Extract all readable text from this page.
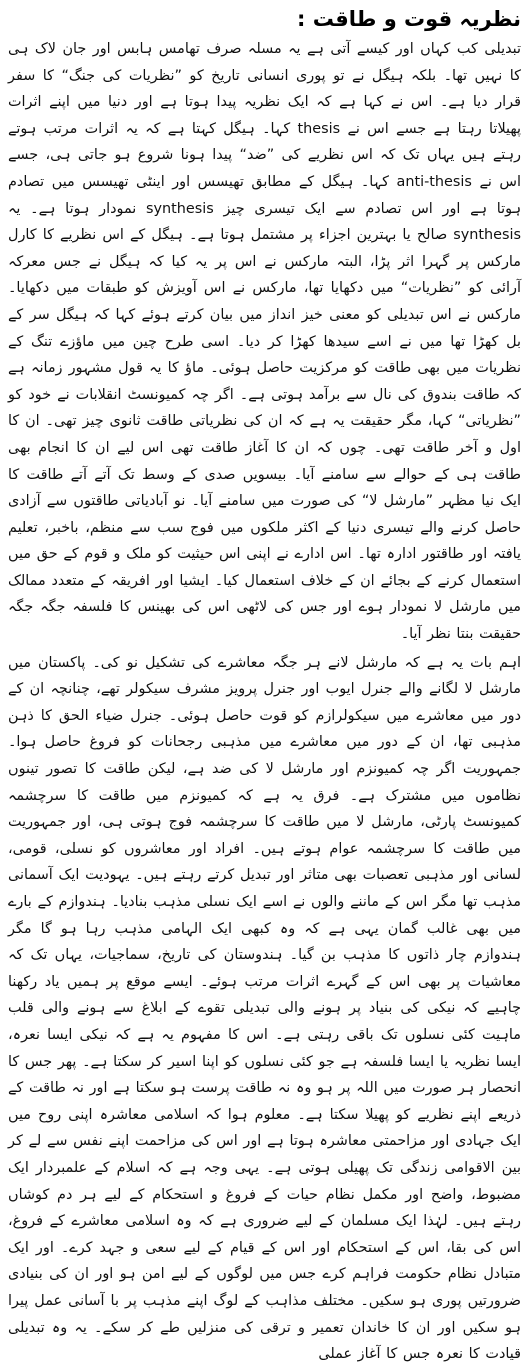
نظریہ قوت و طاقت :

تبدیلی کب کہاں اور کیسے آتی ہے یہ مسلہ صرف تھامس ہابس اور جان لاک ہی کا نہیں تھا۔ بلکہ ہیگل نے تو پوری انسانی تاریخ کو ”نظریات کی جنگ“ کا سفر قرار دیا ہے۔ اس نے کہا ہے کہ ایک نظریہ پیدا ہوتا ہے اور دنیا میں اپنے اثرات پھیلاتا رہتا ہے جسے اس نے thesis کہا۔ ہیگل کہتا ہے کہ یہ اثرات مرتب ہوتے رہتے ہیں یہاں تک کہ اس نظریے کی ”ضد“ پیدا ہونا شروع ہو جاتی ہی، جسے اس نے anti-thesis کہا۔ ہیگل کے مطابق تھیسس اور اینٹی تھیسس میں تصادم ہوتا ہے اور اس تصادم سے ایک تیسری چیز synthesis نمودار ہوتا ہے۔ یہ synthesis صالح یا بہترین اجزاء پر مشتمل ہوتا ہے۔ ہیگل کے اس نظریے کا کارل مارکس پر گہرا اثر پڑا، البتہ مارکس نے اس پر یہ کیا کہ ہیگل نے جس معرکہ آرائی کو ”نظریات“ میں دکھایا تھا، مارکس نے اس آویزش کو طبقات میں دکھایا۔ مارکس نے اس تبدیلی کو معنی خیز انداز میں بیان کرتے ہوئے کہا کہ ہیگل سر کے بل کھڑا تھا میں نے اسے سیدھا کھڑا کر دیا۔ اسی طرح چین میں ماؤزے تنگ کے نظریات میں بھی طاقت کو مرکزیت حاصل ہوئی۔ ماؤ کا یہ قول مشہور زمانہ ہے کہ طاقت بندوق کی نال سے برآمد ہوتی ہے۔ اگر چہ کمیونسٹ انقلابات نے خود کو ”نظریاتی“ کہا، مگر حقیقت یہ ہے کہ ان کی نظریاتی طاقت ثانوی چیز تھی۔ ان کا اول و آخر طاقت تھی۔ چوں کہ ان کا آغاز طاقت تھی اس لیے ان کا انجام بھی طاقت ہی کے حوالے سے سامنے آیا۔ بیسویں صدی کے وسط تک آتے آتے طاقت کا ایک نیا مظہر ”مارشل لا“ کی صورت میں سامنے آیا۔ نو آبادیاتی طاقتوں سے آزادی حاصل کرنے والے تیسری دنیا کے اکثر ملکوں میں فوج سب سے منظم، باخبر، تعلیم یافتہ اور طاقتور ادارہ تھا۔ اس ادارے نے اپنی اس حیثیت کو ملک و قوم کے حق میں استعمال کرنے کے بجائے ان کے خلاف استعمال کیا۔ ایشیا اور افریقہ کے متعدد ممالک میں مارشل لا نمودار ہوے اور جس کی لاٹھی اس کی بھینس کا فلسفہ جگہ جگہ حقیقت بنتا نظر آیا۔

اہم بات یہ ہے کہ مارشل لانے ہر جگہ معاشرے کی تشکیل نو کی۔ پاکستان میں مارشل لا لگانے والے جنرل ایوب اور جنرل پرویز مشرف سیکولر تھے، چنانچہ ان کے دور میں معاشرے میں سیکولرازم کو قوت حاصل ہوئی۔ جنرل ضیاء الحق کا ذہن مذہبی تھا، ان کے دور میں معاشرے میں مذہبی رجحانات کو فروغ حاصل ہوا۔ جمہوریت اگر چہ کمیونزم اور مارشل لا کی ضد ہے، لیکن طاقت کا تصور تینوں نظاموں میں مشترک ہے۔ فرق یہ ہے کہ کمیونزم میں طاقت کا سرچشمہ کمیونسٹ پارٹی، مارشل لا میں طاقت کا سرچشمہ فوج ہوتی ہی، اور جمہوریت میں طاقت کا سرچشمہ عوام ہوتے ہیں۔ افراد اور معاشروں کو نسلی، قومی، لسانی اور مذہبی تعصبات بھی متاثر اور تبدیل کرتے رہتے ہیں۔ یہودیت ایک آسمانی مذہب تھا مگر اس کے ماننے والوں نے اسے ایک نسلی مذہب بنادیا۔ ہندوازم کے بارے میں بھی غالب گمان یہی ہے کہ وہ کبھی ایک الہامی مذہب رہا ہو گا مگر ہندوازم چار ذاتوں کا مذہب بن گیا۔ ہندوستان کی تاریخ، سماجیات، یہاں تک کہ معاشیات پر بھی اس کے گہرے اثرات مرتب ہوئے۔ ایسے موقع پر ہمیں یاد رکھنا چاہیے کہ نیکی کی بنیاد پر ہونے والی تبدیلی تقوے کے ابلاغ سے ہونے والی قلب ماہیت کئی نسلوں تک باقی رہتی ہے۔ اس کا مفہوم یہ ہے کہ نیکی ایسا نعرہ، ایسا نظریہ یا ایسا فلسفہ ہے جو کئی نسلوں کو اپنا اسیر کر سکتا ہے۔ پھر جس کا انحصار ہر صورت میں اللہ پر ہو وہ نہ طاقت پرست ہو سکتا ہے اور نہ طاقت کے ذریعے اپنے نظریے کو پھیلا سکتا ہے۔ معلوم ہوا کہ اسلامی معاشرہ اپنی روح میں ایک جہادی اور مزاحمتی معاشرہ ہوتا ہے اور اس کی مزاحمت اپنے نفس سے لے کر بین الاقوامی زندگی تک پھیلی ہوتی ہے۔ یہی وجہ ہے کہ اسلام کے علمبردار ایک مضبوط، واضح اور مکمل نظام حیات کے فروغ و استحکام کے لیے ہر دم کوشاں رہتے ہیں۔ لہٰذا ایک مسلمان کے لیے ضروری ہے کہ وہ اسلامی معاشرے کے فروغ، اس کی بقا، اس کے استحکام اور اس کے قیام کے لیے سعی و جہد کرے۔ اور ایک متبادل نظام حکومت فراہم کرے جس میں لوگوں کے لیے امن ہو اور ان کی بنیادی ضرورتیں پوری ہو سکیں۔ مختلف مذاہب کے لوگ اپنے مذہب پر با آسانی عمل پیرا ہو سکیں اور ان کا خاندان تعمیر و ترقی کی منزلیں طے کر سکے۔ یہ وہ تبدیلی قیادت کا نعرہ جس کا آغاز عملی
